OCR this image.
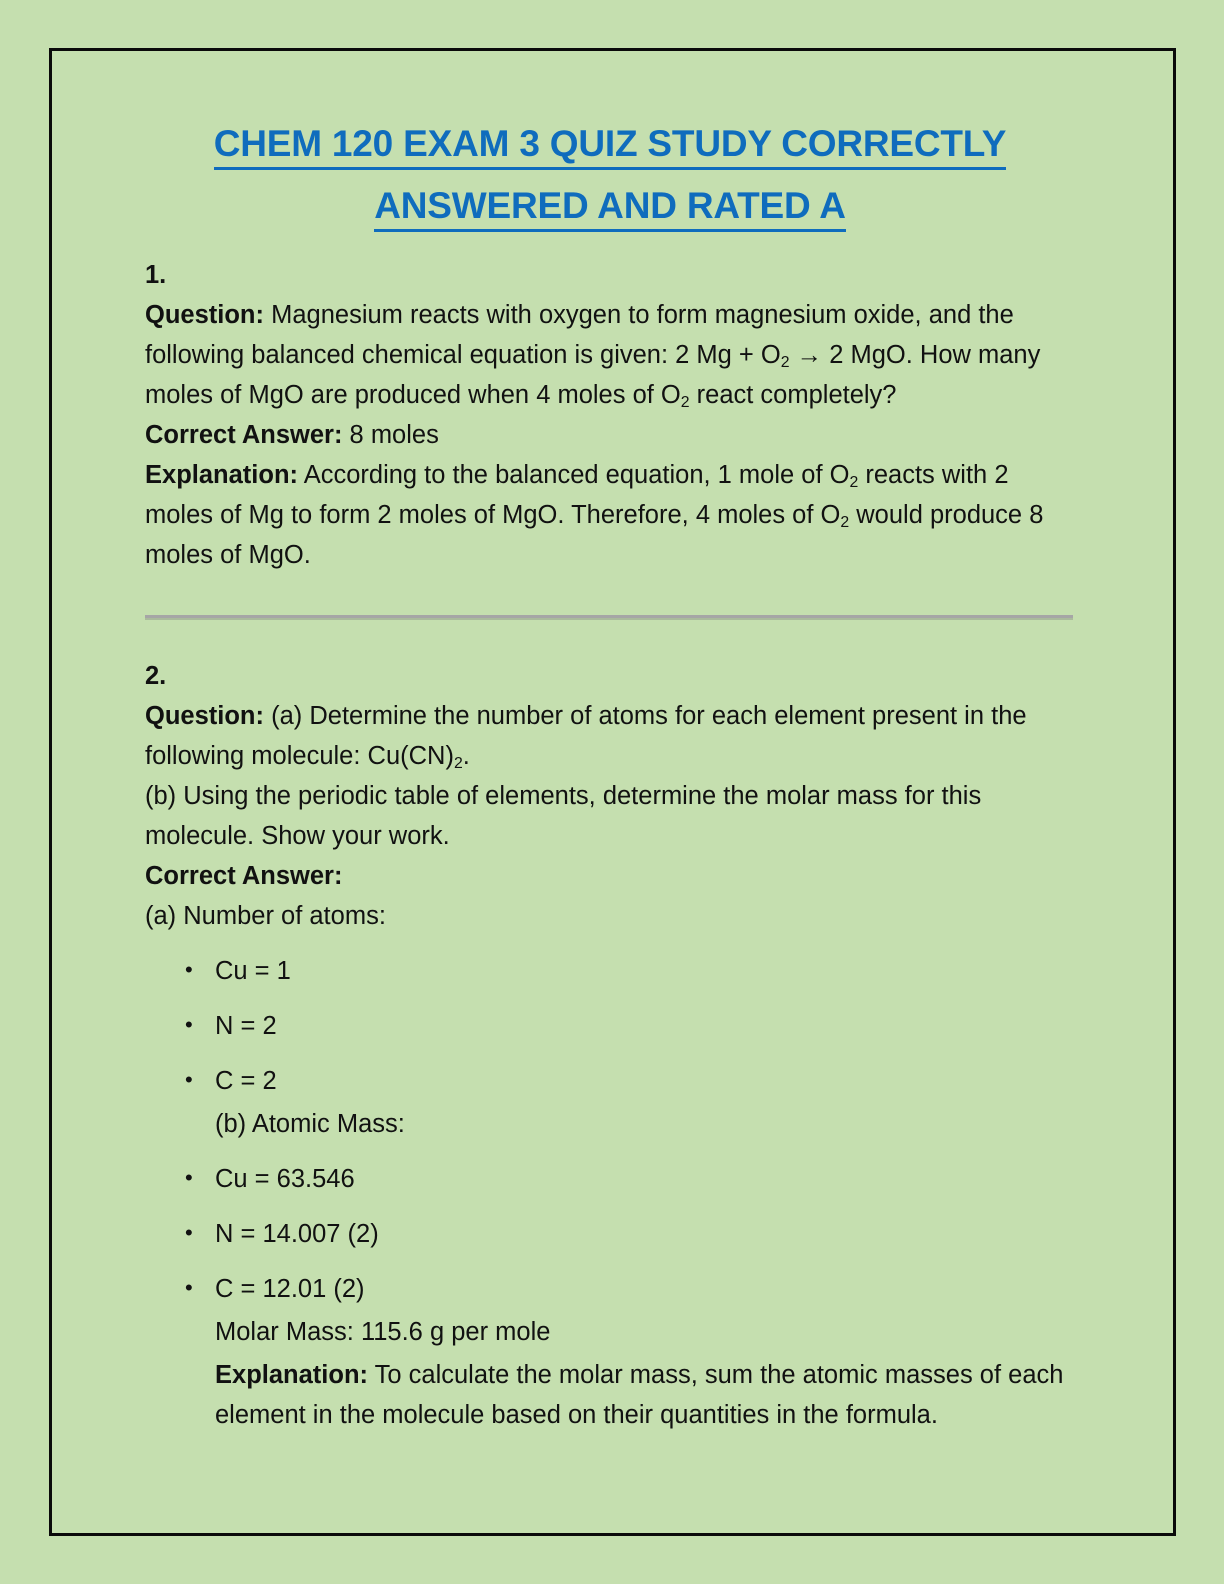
CHEM 120 EXAM 3 QUIZ STUDY CORRECTLY
ANSWERED AND RATED A

1.

Question: Magnesium reacts with oxygen to form magnesium oxide, and the following balanced chemical equation is given: 2 $Mg + O_2 \to 2$ MgO. How many moles of MgO are produced when 4 moles of $O_2$ react completely?

Correct Answer: 8 moles

Explanation: According to the balanced equation, 1 mole of $O_2$ reacts with 2 moles of Mg to form 2 moles of MgO. Therefore, 4 moles of $O_2$ would produce 8 moles of MgO.

2.

Question: (a) Determine the number of atoms for each element present in the following molecule: $Cu(CN)_2$.

(b) Using the periodic table of elements, determine the molar mass for this molecule. Show your work.

Correct Answer:

(a) Number of atoms:

• Cu = 1
• N = 2
• C = 2
(b) Atomic Mass:
• Cu = 63.546
• N = 14.007 (2)
• C = 12.01 (2)
Molar Mass: 115.6 g per mole
Explanation: To calculate the molar mass, sum the atomic masses of each element in the molecule based on their quantities in the formula.
